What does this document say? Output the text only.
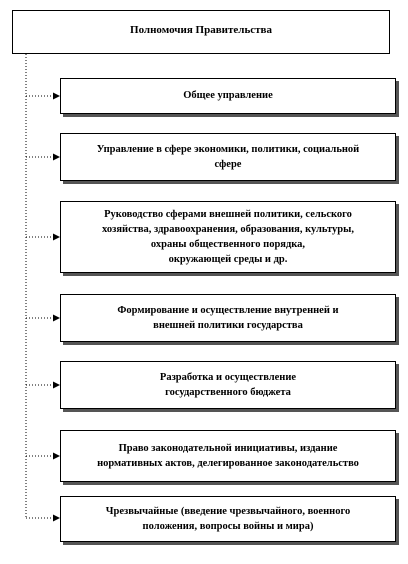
Полномочия Правительства
Общее управление
Управление в сфере экономики, политики, социальной
сфере
Руководство сферами внешней политики, сельского
хозяйства, здравоохранения, образования, культуры,
охраны общественного порядка,
окружающей среды и др.
Формирование и осуществление внутренней и
внешней политики государства
Разработка и осуществление
государственного бюджета
Право законодательной инициативы, издание
нормативных актов, делегированное законодательство
Чрезвычайные (введение чрезвычайного, военного
положения, вопросы войны и мира)
